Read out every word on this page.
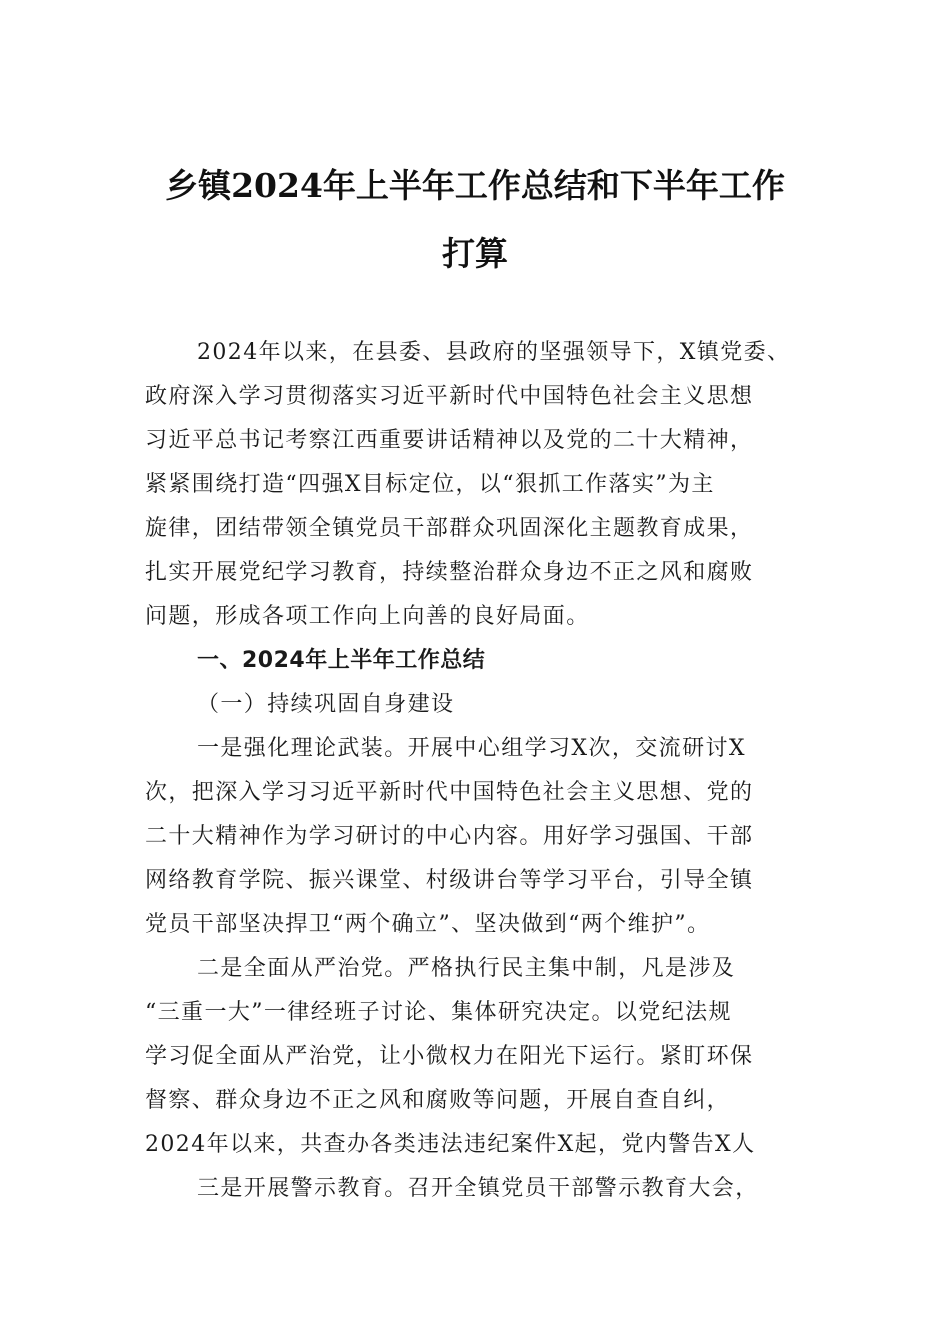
乡镇2024年上半年工作总结和下半年工作
打算
2024年以来，在县委、县政府的坚强领导下，X镇党委、
政府深入学习贯彻落实习近平新时代中国特色社会主义思想
习近平总书记考察江西重要讲话精神以及党的二十大精神，
紧紧围绕打造“四强X目标定位，以“狠抓工作落实”为主
旋律，团结带领全镇党员干部群众巩固深化主题教育成果，
扎实开展党纪学习教育，持续整治群众身边不正之风和腐败
问题，形成各项工作向上向善的良好局面。
一、2024年上半年工作总结
（一）持续巩固自身建设
一是强化理论武装。开展中心组学习X次，交流研讨X
次，把深入学习习近平新时代中国特色社会主义思想、党的
二十大精神作为学习研讨的中心内容。用好学习强国、干部
网络教育学院、振兴课堂、村级讲台等学习平台，引导全镇
党员干部坚决捍卫“两个确立”、坚决做到“两个维护”。
二是全面从严治党。严格执行民主集中制，凡是涉及
“三重一大”一律经班子讨论、集体研究决定。以党纪法规
学习促全面从严治党，让小微权力在阳光下运行。紧盯环保
督察、群众身边不正之风和腐败等问题，开展自查自纠，
2024年以来，共查办各类违法违纪案件X起，党内警告X人
三是开展警示教育。召开全镇党员干部警示教育大会，
